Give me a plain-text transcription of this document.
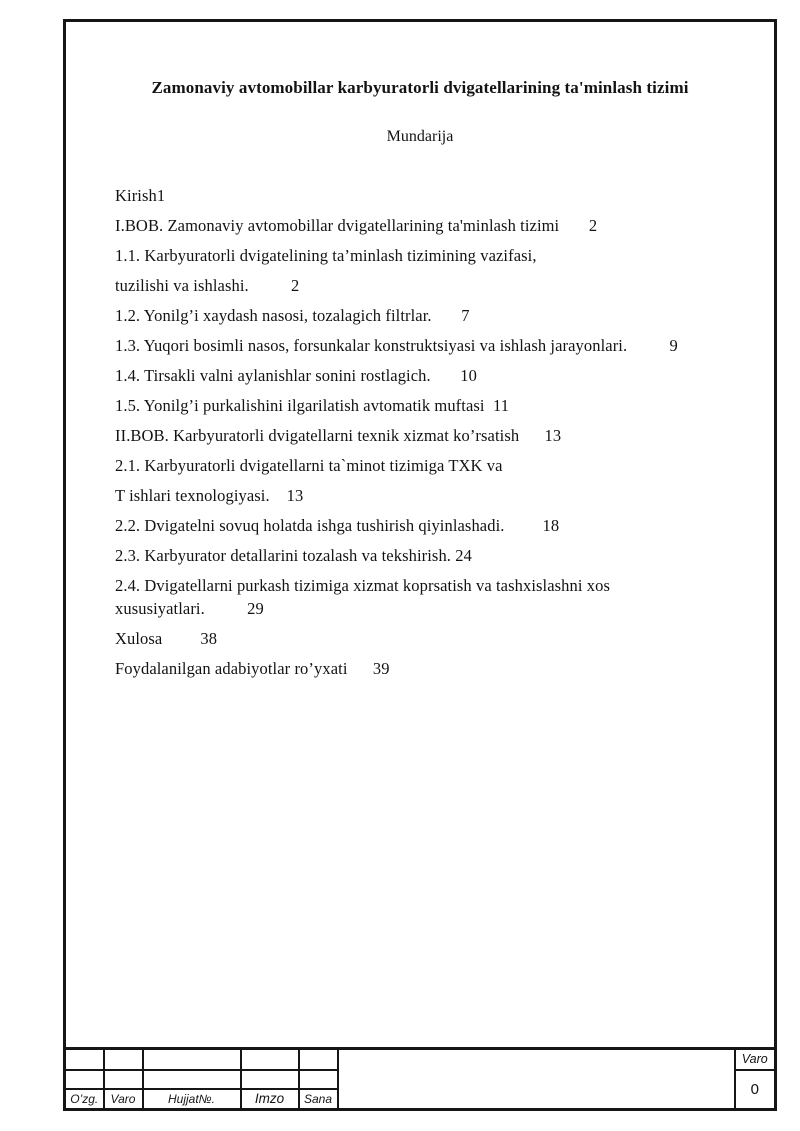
Zamonaviy avtomobillar karbyuratorli dvigatellarining ta'minlash tizimi
Mundarija
Kirish1
I.BOB. Zamonaviy avtomobillar dvigatellarining ta'minlash tizimi       2
1.1. Karbyuratorli dvigatelining ta’minlash tizimining vazifasi,
tuzilishi va ishlashi.          2
1.2. Yonilg’i xaydash nasosi, tozalagich filtrlar.       7
1.3. Yuqori bosimli nasos, forsunkalar konstruktsiyasi va ishlash jarayonlari.          9
1.4. Tirsakli valni aylanishlar sonini rostlagich.       10
1.5. Yonilg’i purkalishini ilgarilatish avtomatik muftasi  11
II.BOB. Karbyuratorli dvigatellarni texnik xizmat ko’rsatish      13
2.1. Karbyuratorli dvigatellarni ta`minot tizimiga TXK va
T ishlari texnologiyasi.    13
2.2. Dvigatelni sovuq holatda ishga tushirish qiyinlashadi.         18
2.3. Karbyurator detallarini tozalash va tekshirish. 24
2.4. Dvigatellarni purkash tizimiga xizmat koprsatish va tashxislashni xos
xususiyatlari.          29
Xulosa         38
Foydalanilgan adabiyotlar ro’yxati      39
						Varo
						0
O’zg.	Varo	Hujjat№.	Imzo	Sana		
